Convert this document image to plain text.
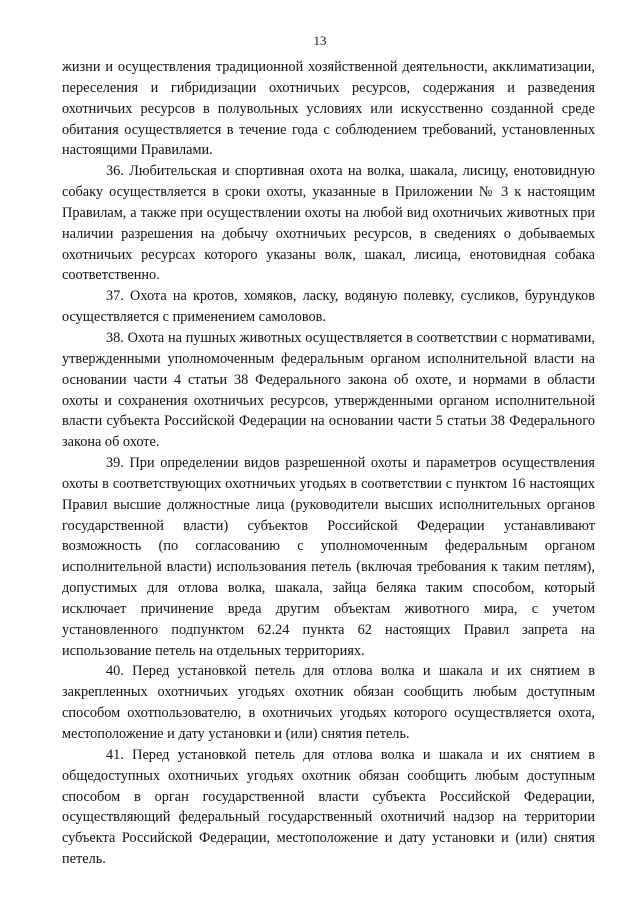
13

жизни и осуществления традиционной хозяйственной деятельности, акклиматизации, переселения и гибридизации охотничьих ресурсов, содержания и разведения охотничьих ресурсов в полувольных условиях или искусственно созданной среде обитания осуществляется в течение года с соблюдением требований, установленных настоящими Правилами.

36. Любительская и спортивная охота на волка, шакала, лисицу, енотовидную собаку осуществляется в сроки охоты, указанные в Приложении № 3 к настоящим Правилам, а также при осуществлении охоты на любой вид охотничьих животных при наличии разрешения на добычу охотничьих ресурсов, в сведениях о добываемых охотничьих ресурсах которого указаны волк, шакал, лисица, енотовидная собака соответственно.

37. Охота на кротов, хомяков, ласку, водяную полевку, сусликов, бурундуков осуществляется с применением самоловов.

38. Охота на пушных животных осуществляется в соответствии с нормативами, утвержденными уполномоченным федеральным органом исполнительной власти на основании части 4 статьи 38 Федерального закона об охоте, и нормами в области охоты и сохранения охотничьих ресурсов, утвержденными органом исполнительной власти субъекта Российской Федерации на основании части 5 статьи 38 Федерального закона об охоте.

39. При определении видов разрешенной охоты и параметров осуществления охоты в соответствующих охотничьих угодьях в соответствии с пунктом 16 настоящих Правил высшие должностные лица (руководители высших исполнительных органов государственной власти) субъектов Российской Федерации устанавливают возможность (по согласованию с уполномоченным федеральным органом исполнительной власти) использования петель (включая требования к таким петлям), допустимых для отлова волка, шакала, зайца беляка таким способом, который исключает причинение вреда другим объектам животного мира, с учетом установленного подпунктом 62.24 пункта 62 настоящих Правил запрета на использование петель на отдельных территориях.

40. Перед установкой петель для отлова волка и шакала и их снятием в закрепленных охотничьих угодьях охотник обязан сообщить любым доступным способом охотпользователю, в охотничьих угодьях которого осуществляется охота, местоположение и дату установки и (или) снятия петель.

41. Перед установкой петель для отлова волка и шакала и их снятием в общедоступных охотничьих угодьях охотник обязан сообщить любым доступным способом в орган государственной власти субъекта Российской Федерации, осуществляющий федеральный государственный охотничий надзор на территории субъекта Российской Федерации, местоположение и дату установки и (или) снятия петель.
